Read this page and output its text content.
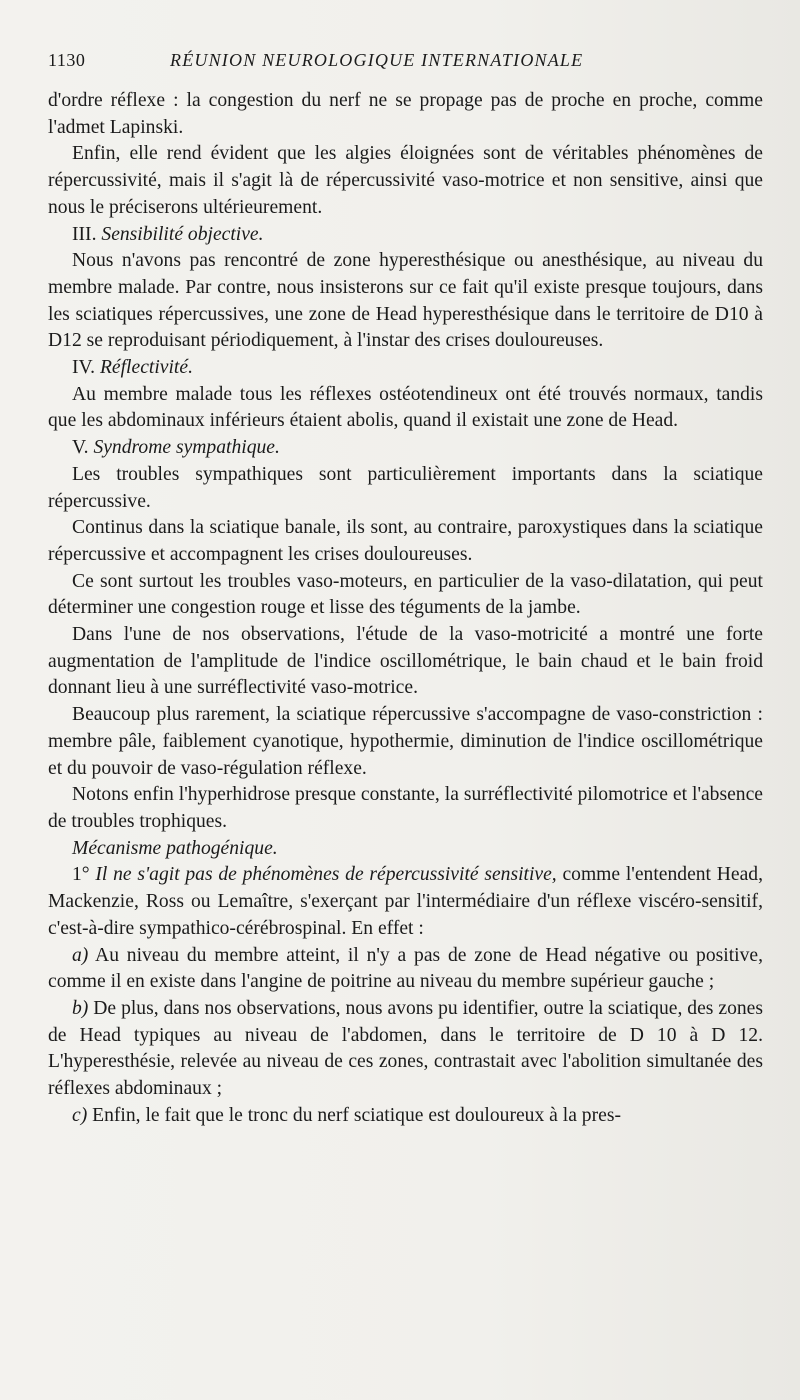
1130	RÉUNION NEUROLOGIQUE INTERNATIONALE

d'ordre réflexe : la congestion du nerf ne se propage pas de proche en proche, comme l'admet Lapinski.

Enfin, elle rend évident que les algies éloignées sont de véritables phénomènes de répercussivité, mais il s'agit là de répercussivité vaso-motrice et non sensitive, ainsi que nous le préciserons ultérieurement.

III. Sensibilité objective.

Nous n'avons pas rencontré de zone hyperesthésique ou anesthésique, au niveau du membre malade. Par contre, nous insisterons sur ce fait qu'il existe presque toujours, dans les sciatiques répercussives, une zone de Head hyperesthésique dans le territoire de D10 à D12 se reproduisant périodiquement, à l'instar des crises douloureuses.

IV. Réflectivité.

Au membre malade tous les réflexes ostéotendineux ont été trouvés normaux, tandis que les abdominaux inférieurs étaient abolis, quand il existait une zone de Head.

V. Syndrome sympathique.

Les troubles sympathiques sont particulièrement importants dans la sciatique répercussive.

Continus dans la sciatique banale, ils sont, au contraire, paroxystiques dans la sciatique répercussive et accompagnent les crises douloureuses.

Ce sont surtout les troubles vaso-moteurs, en particulier de la vaso-dilatation, qui peut déterminer une congestion rouge et lisse des téguments de la jambe.

Dans l'une de nos observations, l'étude de la vaso-motricité a montré une forte augmentation de l'amplitude de l'indice oscillométrique, le bain chaud et le bain froid donnant lieu à une surréflectivité vaso-motrice.

Beaucoup plus rarement, la sciatique répercussive s'accompagne de vaso-constriction : membre pâle, faiblement cyanotique, hypothermie, diminution de l'indice oscillométrique et du pouvoir de vaso-régulation réflexe.

Notons enfin l'hyperhidrose presque constante, la surréflectivité pilomotrice et l'absence de troubles trophiques.

Mécanisme pathogénique.

1° Il ne s'agit pas de phénomènes de répercussivité sensitive, comme l'entendent Head, Mackenzie, Ross ou Lemaître, s'exerçant par l'intermédiaire d'un réflexe viscéro-sensitif, c'est-à-dire sympathico-cérébrospinal. En effet :

a) Au niveau du membre atteint, il n'y a pas de zone de Head négative ou positive, comme il en existe dans l'angine de poitrine au niveau du membre supérieur gauche ;

b) De plus, dans nos observations, nous avons pu identifier, outre la sciatique, des zones de Head typiques au niveau de l'abdomen, dans le territoire de D 10 à D 12. L'hyperesthésie, relevée au niveau de ces zones, contrastait avec l'abolition simultanée des réflexes abdominaux ;

c) Enfin, le fait que le tronc du nerf sciatique est douloureux à la pres-
